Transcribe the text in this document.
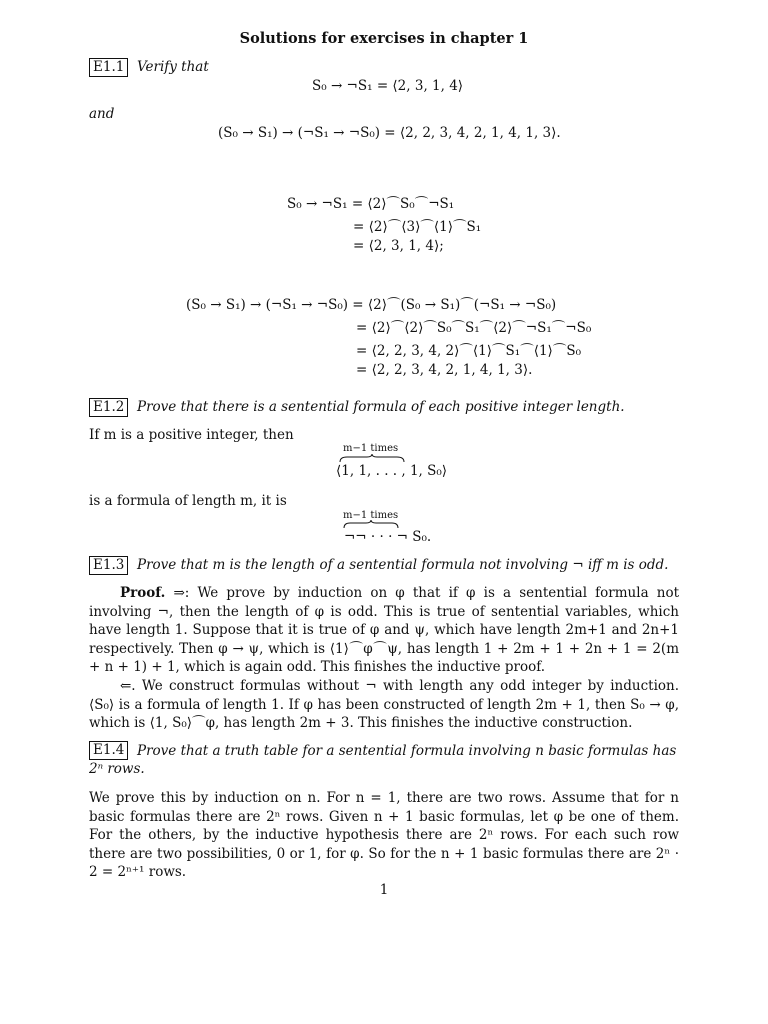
Solutions for exercises in chapter 1
E1.1 Verify that
S₀ → ¬S₁ = ⟨2, 3, 1, 4⟩
and
(S₀ → S₁) → (¬S₁ → ¬S₀) = ⟨2, 2, 3, 4, 2, 1, 4, 1, 3⟩.
S₀ → ¬S₁ = ⟨2⟩⌒S₀⌒¬S₁
= ⟨2⟩⌒⟨3⟩⌒⟨1⟩⌒S₁
= ⟨2, 3, 1, 4⟩;
(S₀ → S₁) → (¬S₁ → ¬S₀) = ⟨2⟩⌒(S₀ → S₁)⌒(¬S₁ → ¬S₀)
= ⟨2⟩⌒⟨2⟩⌒S₀⌒S₁⌒⟨2⟩⌒¬S₁⌒¬S₀
= ⟨2, 2, 3, 4, 2⟩⌒⟨1⟩⌒S₁⌒⟨1⟩⌒S₀
= ⟨2, 2, 3, 4, 2, 1, 4, 1, 3⟩.
E1.2 Prove that there is a sentential formula of each positive integer length.
If m is a positive integer, then
m−1 times
⟨1, 1, . . . , 1, S₀⟩
is a formula of length m, it is
m−1 times
¬¬ · · · ¬ S₀.
E1.3 Prove that m is the length of a sentential formula not involving ¬ iff m is odd.
Proof. ⇒: We prove by induction on φ that if φ is a sentential formula not involving ¬, then the length of φ is odd. This is true of sentential variables, which have length 1. Suppose that it is true of φ and ψ, which have length 2m+1 and 2n+1 respectively. Then φ → ψ, which is ⟨1⟩⌒φ⌒ψ, has length 1 + 2m + 1 + 2n + 1 = 2(m + n + 1) + 1, which is again odd. This finishes the inductive proof.
⇐. We construct formulas without ¬ with length any odd integer by induction. ⟨S₀⟩ is a formula of length 1. If φ has been constructed of length 2m + 1, then S₀ → φ, which is ⟨1, S₀⟩⌒φ, has length 2m + 3. This finishes the inductive construction.
E1.4 Prove that a truth table for a sentential formula involving n basic formulas has 2ⁿ rows.
We prove this by induction on n. For n = 1, there are two rows. Assume that for n basic formulas there are 2ⁿ rows. Given n + 1 basic formulas, let φ be one of them. For the others, by the inductive hypothesis there are 2ⁿ rows. For each such row there are two possibilities, 0 or 1, for φ. So for the n + 1 basic formulas there are 2ⁿ · 2 = 2ⁿ⁺¹ rows.
1
